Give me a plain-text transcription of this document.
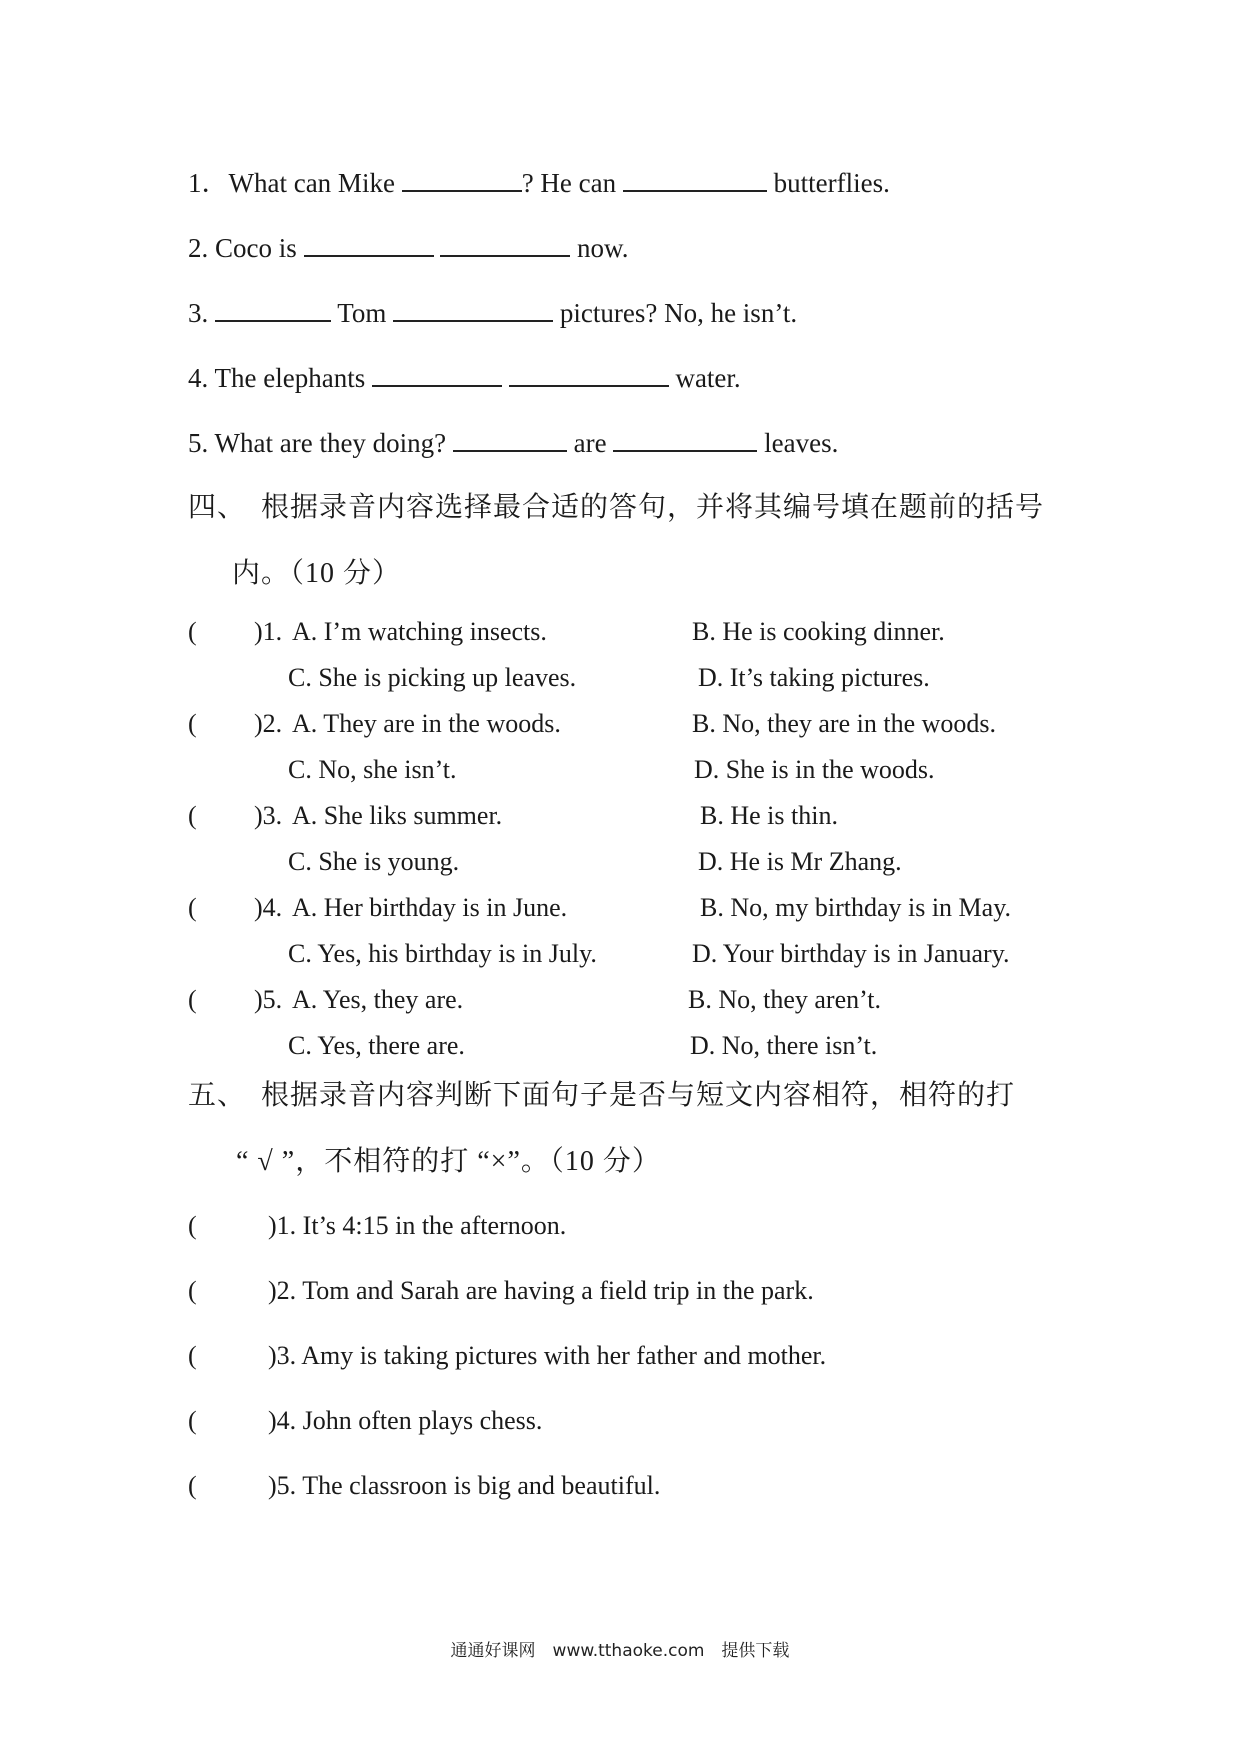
1．What can Mike	? He can	butterflies.
2. Coco is	now.
3.	Tom	pictures? No, he isn’t.
4. The elephants	water.
5. What are they doing?	are	leaves.
四、　根据录音内容选择最合适的答句，并将其编号填在题前的括号
内。（10 分）
( )1. A. I’m watching insects.	B. He is cooking dinner.
C. She is picking up leaves.	D. It’s taking pictures.
( )2. A. They are in the woods.	B. No, they are in the woods.
C. No, she isn’t.	D. She is in the woods.
( )3. A. She liks summer.	B. He is thin.
C. She is young.	D. He is Mr Zhang.
( )4. A. Her birthday is in June.	B. No, my birthday is in May.
C. Yes, his birthday is in July.	D. Your birthday is in January.
( )5. A. Yes, they are.	B. No, they aren’t.
C. Yes, there are.	D. No, there isn’t.
五、　根据录音内容判断下面句子是否与短文内容相符，相符的打
“ √ ”，不相符的打 “×”。（10 分）
(	)1. It’s 4:15 in the afternoon.
(	)2. Tom and Sarah are having a field trip in the park.
(	)3. Amy is taking pictures with her father and mother.
(	)4. John often plays chess.
(	)5. The classroon is big and beautiful.
通通好课网　www.tthaoke.com　提供下载
